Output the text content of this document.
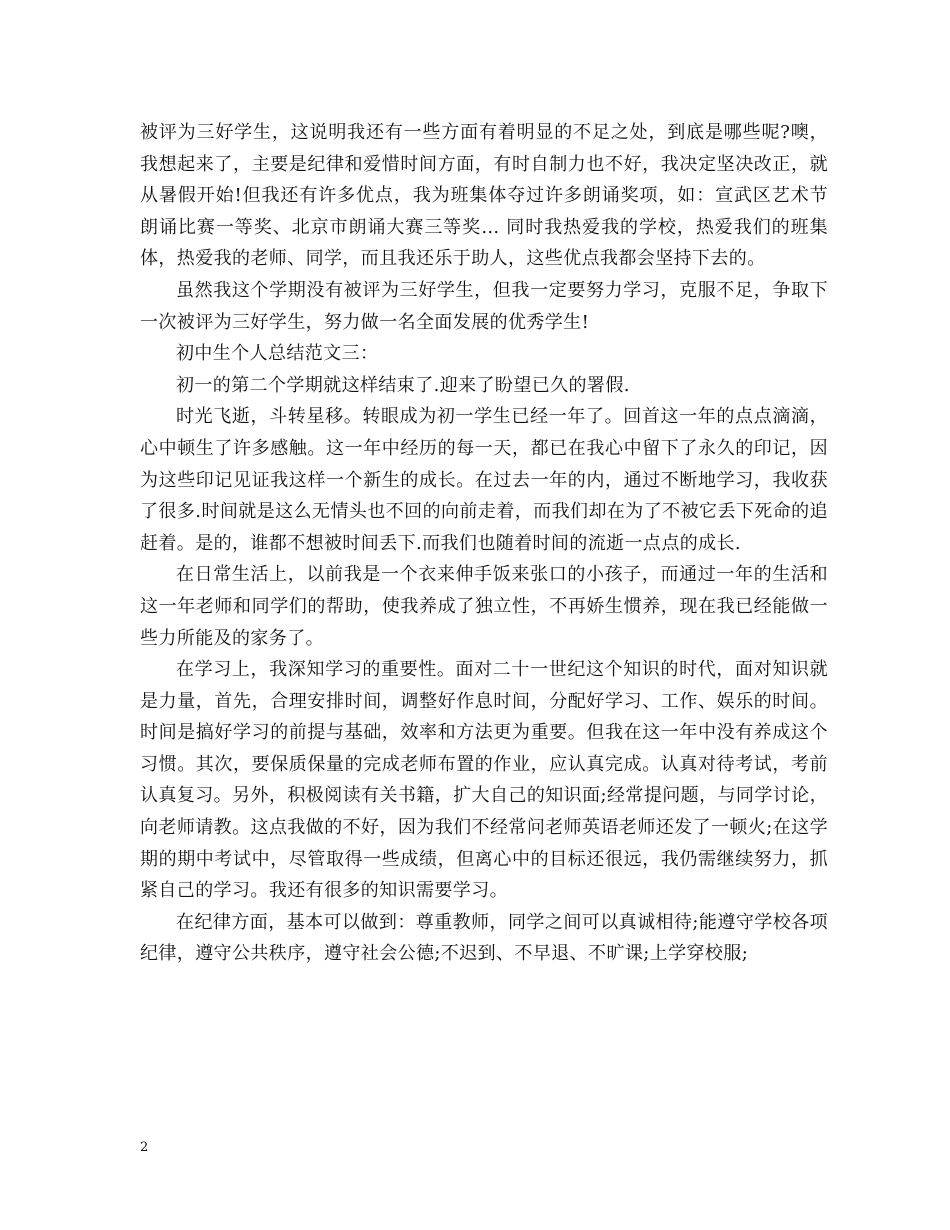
被评为三好学生，这说明我还有一些方面有着明显的不足之处，到底是哪些呢?噢，我想起来了，主要是纪律和爱惜时间方面，有时自制力也不好，我决定坚决改正，就从暑假开始!但我还有许多优点，我为班集体夺过许多朗诵奖项，如：宣武区艺术节朗诵比赛一等奖、北京市朗诵大赛三等奖… 同时我热爱我的学校，热爱我们的班集体，热爱我的老师、同学，而且我还乐于助人，这些优点我都会坚持下去的。

虽然我这个学期没有被评为三好学生，但我一定要努力学习，克服不足，争取下一次被评为三好学生，努力做一名全面发展的优秀学生!

初中生个人总结范文三：

初一的第二个学期就这样结束了.迎来了盼望已久的署假.

时光飞逝，斗转星移。转眼成为初一学生已经一年了。回首这一年的点点滴滴，心中顿生了许多感触。这一年中经历的每一天，都已在我心中留下了永久的印记，因为这些印记见证我这样一个新生的成长。在过去一年的内，通过不断地学习，我收获了很多.时间就是这么无情头也不回的向前走着，而我们却在为了不被它丢下死命的追赶着。是的，谁都不想被时间丢下.而我们也随着时间的流逝一点点的成长.

在日常生活上，以前我是一个衣来伸手饭来张口的小孩子，而通过一年的生活和这一年老师和同学们的帮助，使我养成了独立性，不再娇生惯养，现在我已经能做一些力所能及的家务了。

在学习上，我深知学习的重要性。面对二十一世纪这个知识的时代，面对知识就是力量，首先，合理安排时间，调整好作息时间，分配好学习、工作、娱乐的时间。时间是搞好学习的前提与基础，效率和方法更为重要。但我在这一年中没有养成这个习惯。其次，要保质保量的完成老师布置的作业，应认真完成。认真对待考试，考前认真复习。另外，积极阅读有关书籍，扩大自己的知识面;经常提问题，与同学讨论，向老师请教。这点我做的不好，因为我们不经常问老师英语老师还发了一顿火;在这学期的期中考试中，尽管取得一些成绩，但离心中的目标还很远，我仍需继续努力，抓紧自己的学习。我还有很多的知识需要学习。

在纪律方面，基本可以做到：尊重教师，同学之间可以真诚相待;能遵守学校各项纪律，遵守公共秩序，遵守社会公德;不迟到、不早退、不旷课;上学穿校服;

2
